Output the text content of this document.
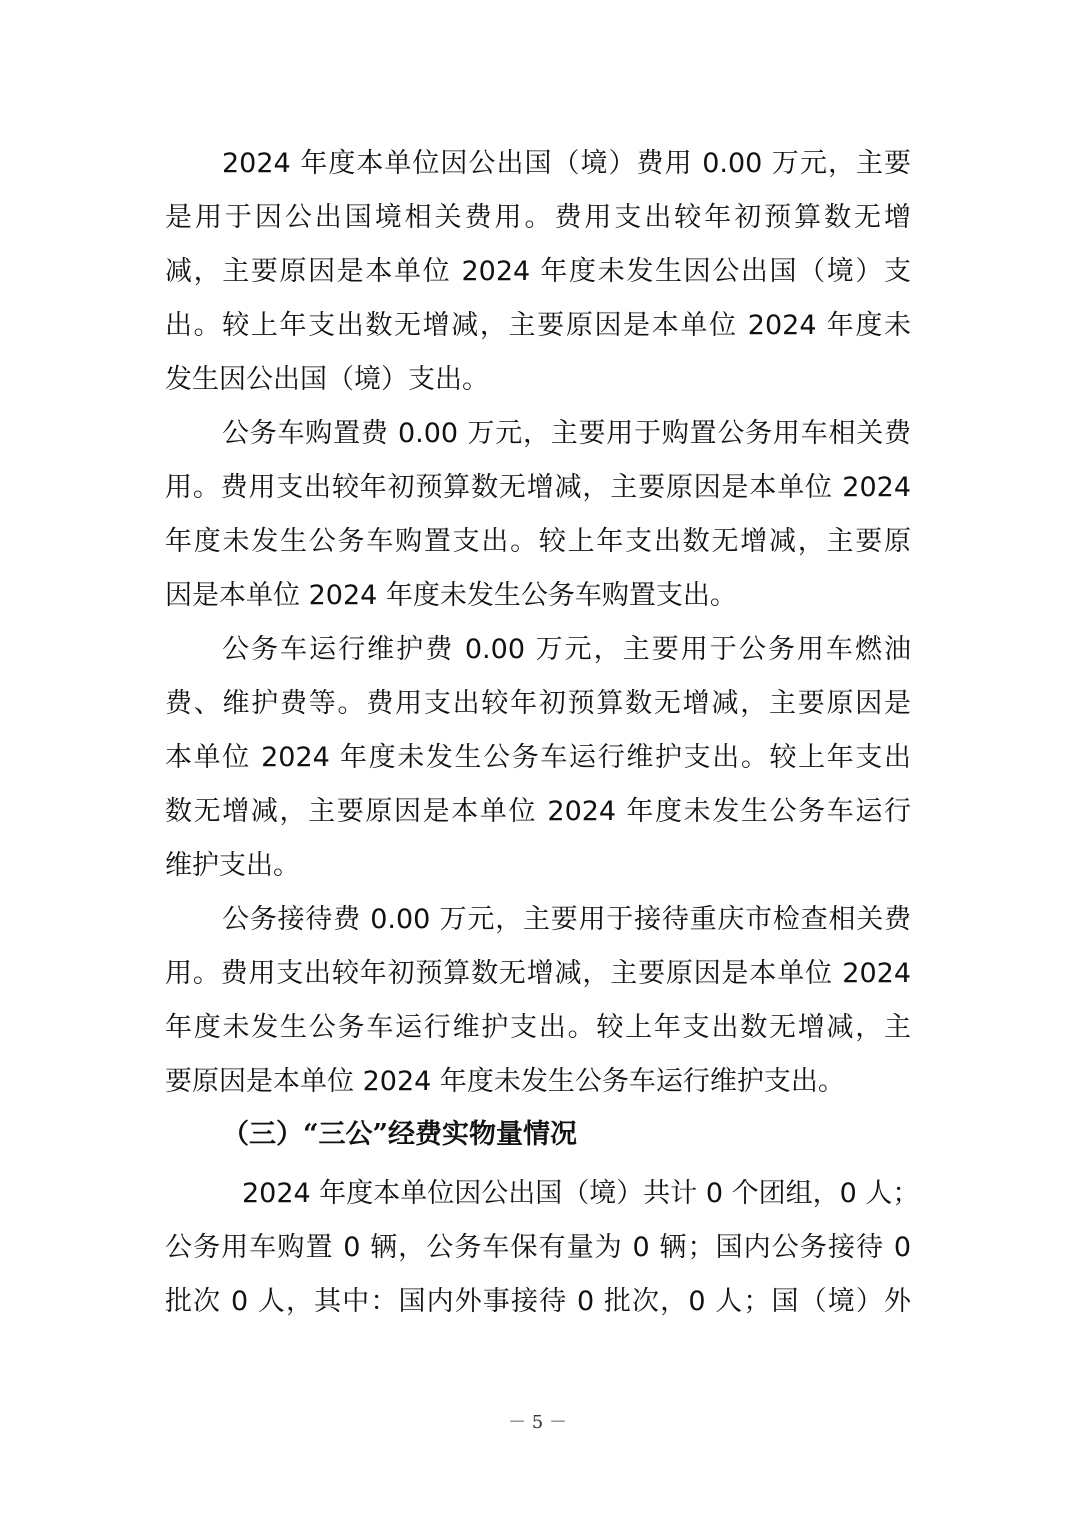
2024 年度本单位因公出国（境）费用 0.00 万元，主要
是用于因公出国境相关费用。费用支出较年初预算数无增
减，主要原因是本单位 2024 年度未发生因公出国（境）支
出。较上年支出数无增减，主要原因是本单位 2024 年度未
发生因公出国（境）支出。
公务车购置费 0.00 万元，主要用于购置公务用车相关费
用。费用支出较年初预算数无增减，主要原因是本单位 2024
年度未发生公务车购置支出。较上年支出数无增减，主要原
因是本单位 2024 年度未发生公务车购置支出。
公务车运行维护费 0.00 万元，主要用于公务用车燃油
费、维护费等。费用支出较年初预算数无增减，主要原因是
本单位 2024 年度未发生公务车运行维护支出。较上年支出
数无增减，主要原因是本单位 2024 年度未发生公务车运行
维护支出。
公务接待费 0.00 万元，主要用于接待重庆市检查相关费
用。费用支出较年初预算数无增减，主要原因是本单位 2024
年度未发生公务车运行维护支出。较上年支出数无增减，主
要原因是本单位 2024 年度未发生公务车运行维护支出。
（三）“三公”经费实物量情况
2024 年度本单位因公出国（境）共计 0 个团组，0 人；
公务用车购置 0 辆，公务车保有量为 0 辆；国内公务接待 0
批次 0 人，其中：国内外事接待 0 批次，0 人；国（境）外
－ 5 －
